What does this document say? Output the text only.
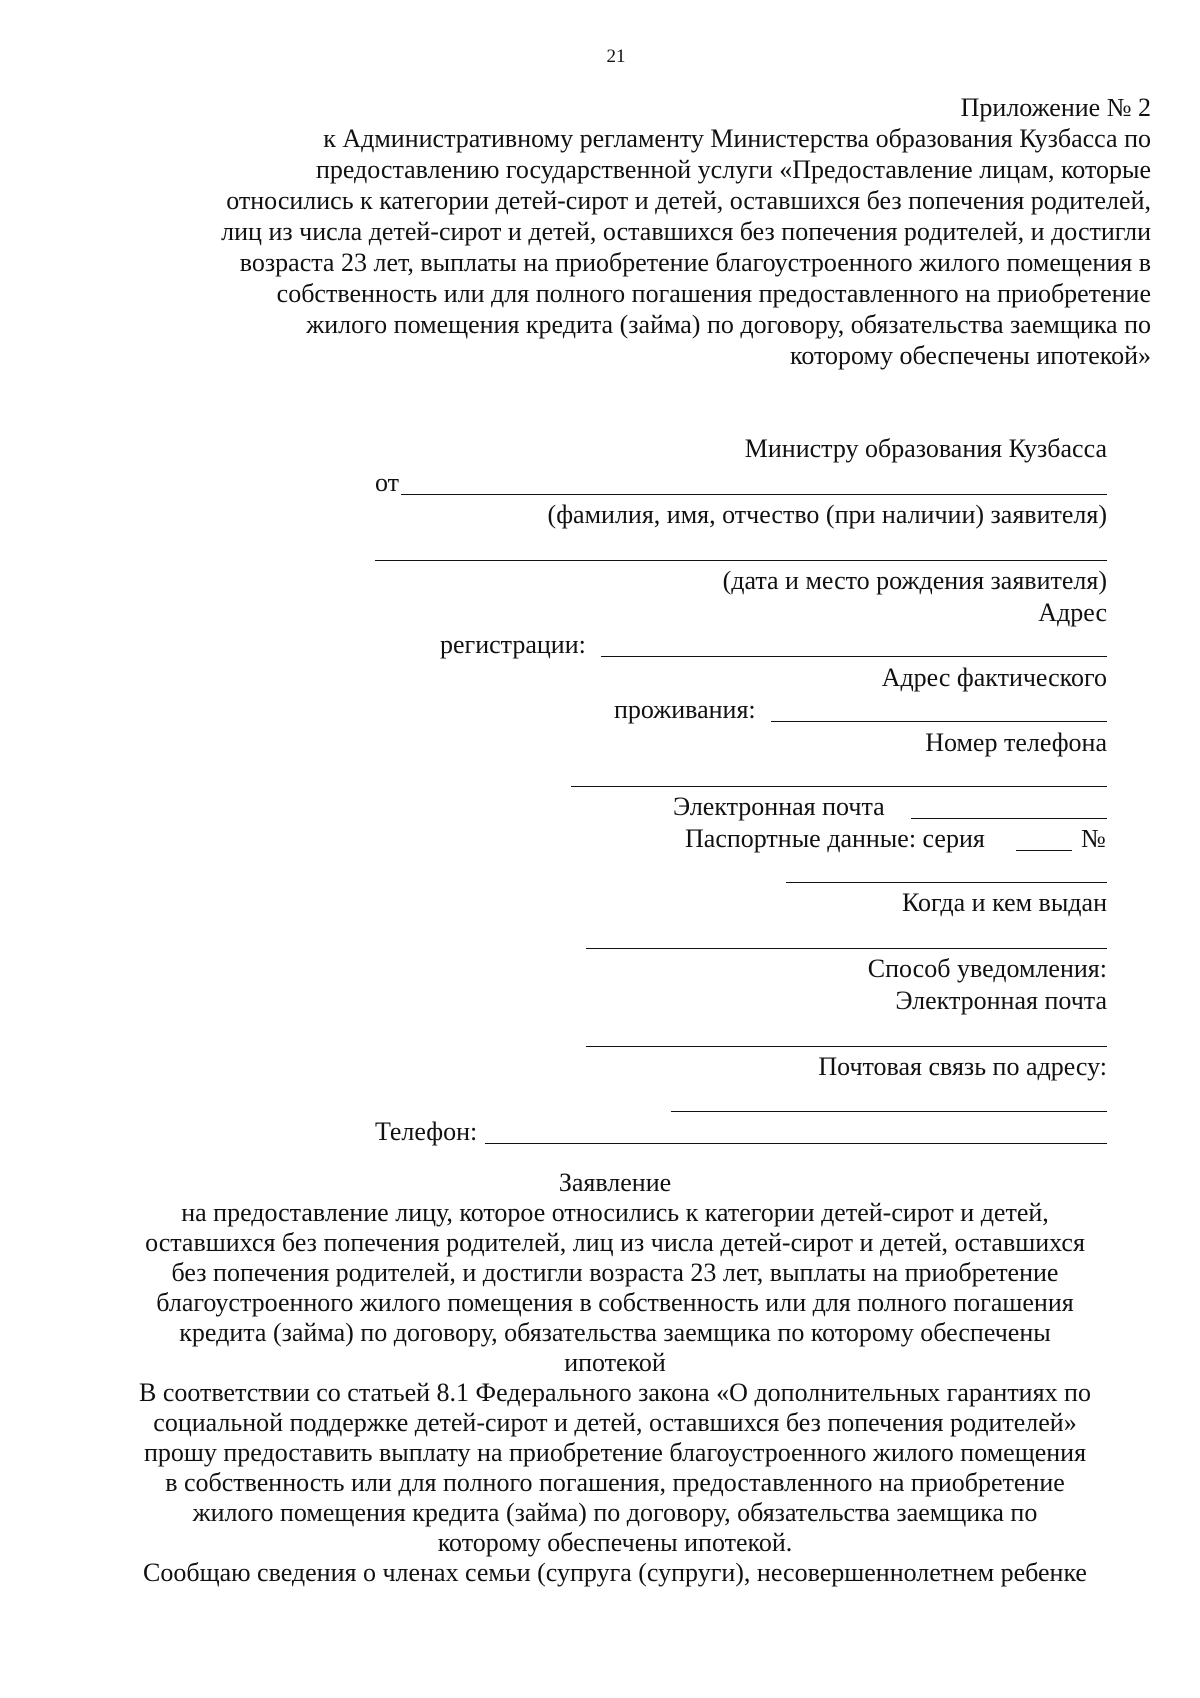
21
Приложение № 2
к Административному регламенту Министерства образования Кузбасса по
предоставлению государственной услуги «Предоставление лицам, которые
относились к категории детей-сирот и детей, оставшихся без попечения родителей,
лиц из числа детей-сирот и детей, оставшихся без попечения родителей, и достигли
возраста 23 лет, выплаты на приобретение благоустроенного жилого помещения в
собственность или для полного погашения предоставленного на приобретение
жилого помещения кредита (займа) по договору, обязательства заемщика по
которому обеспечены ипотекой»
Министру образования Кузбасса
от
(фамилия, имя, отчество (при наличии) заявителя)
(дата и место рождения заявителя)
Адрес
регистрации:
Адрес фактического
проживания:
Номер телефона
Электронная почта
Паспортные данные: серия	№
Когда и кем выдан
Способ уведомления:
Электронная почта
Почтовая связь по адресу:
Телефон:
Заявление
на предоставление лицу, которое относились к категории детей-сирот и детей,
оставшихся без попечения родителей, лиц из числа детей-сирот и детей, оставшихся
без попечения родителей, и достигли возраста 23 лет, выплаты на приобретение
благоустроенного жилого помещения в собственность или для полного погашения
кредита (займа) по договору, обязательства заемщика по которому обеспечены
ипотекой
В соответствии со статьей 8.1 Федерального закона «О дополнительных гарантиях по
социальной поддержке детей-сирот и детей, оставшихся без попечения родителей»
прошу предоставить выплату на приобретение благоустроенного жилого помещения
в собственность или для полного погашения, предоставленного на приобретение
жилого помещения кредита (займа) по договору, обязательства заемщика по
которому обеспечены ипотекой.
Сообщаю сведения о членах семьи (супруга (супруги), несовершеннолетнем ребенке
